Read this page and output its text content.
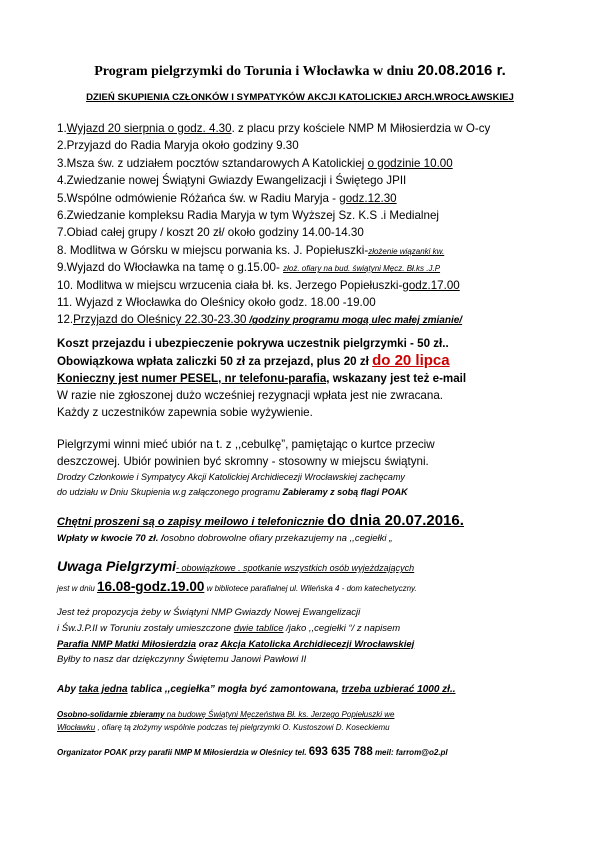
Program pielgrzymki do Torunia i Włocławka w dniu 20.08.2016 r.
DZIEŃ SKUPIENIA CZŁONKÓW I SYMPATYKÓW AKCJI KATOLICKIEJ ARCH.WROCŁAWSKIEJ
1.Wyjazd 20 sierpnia o godz. 4.30. z placu przy kościele NMP M Miłosierdzia w O-cy
2.Przyjazd do Radia Maryja około godziny 9.30
3.Msza św. z udziałem pocztów sztandarowych A Katolickiej o godzinie 10.00
4.Zwiedzanie nowej Świątyni Gwiazdy Ewangelizacji i Świętego JPII
5.Wspólne odmówienie Różańca św. w Radiu Maryja - godz.12.30
6.Zwiedzanie kompleksu Radia Maryja w tym Wyższej Sz. K.S .i Medialnej
7.Obiad całej grupy / koszt 20 zł/ około godziny 14.00-14.30
8. Modlitwa w Górsku w miejscu porwania ks. J. Popiełuszki-złożenie wiązanki kw.
9.Wyjazd do Włocławka na tamę o g.15.00- złoż. ofiary na bud. świątyni Męcz. Bł.ks .J.P
10. Modlitwa w miejscu wrzucenia ciała bł. ks. Jerzego Popiełuszki-godz.17.00
11. Wyjazd z Włocławka do Oleśnicy około godz. 18.00 -19.00
12.Przyjazd do Oleśnicy 22.30-23.30 /godziny programu mogą ulec małej zmianie/
Koszt przejazdu i ubezpieczenie pokrywa uczestnik pielgrzymki - 50 zł..
Obowiązkowa wpłata zaliczki 50 zł za przejazd, plus 20 zł do 20 lipca
Konieczny jest numer PESEL, nr telefonu-parafia, wskazany jest też e-mail
W razie nie zgłoszonej dużo wcześniej rezygnacji wpłata jest nie zwracana.
Każdy z uczestników zapewnia sobie wyżywienie.
Pielgrzymi winni mieć ubiór na t. z ,,cebulkę”, pamiętając o kurtce przeciw
deszczowej. Ubiór powinien być skromny - stosowny w miejscu świątyni.
Drodzy Członkowie i Sympatycy Akcji Katolickiej Archidiecezji Wrocławskiej zachęcamy
do udziału w Dniu Skupienia w.g załączonego programu Zabieramy z sobą flagi POAK
Chętni proszeni są o zapisy meilowo i telefonicznie do dnia 20.07.2016.
Wpłaty w kwocie 70 zł. /osobno dobrowolne ofiary przekazujemy na ,,cegiełki „
Uwaga Pielgrzymi- obowiązkowe . spotkanie wszystkich osób wyjeżdzających
jest w dniu 16.08-godz.19.00 w bibliotece parafialnej ul. Wileńska 4 - dom katechetyczny.
Jest też propozycja żeby w Świątyni NMP Gwiazdy Nowej Ewangelizacji
i Św.J.P.II w Toruniu zostały umieszczone dwie tablice /jako ,,cegiełki “/ z napisem
Parafia NMP Matki Miłosierdzia oraz Akcja Katolicka Archidiecezji Wrocławskiej
Byłby to nasz dar dziękczynny Świętemu Janowi Pawłowi II
Aby taka jedna tablica ,,cegiełka” mogła być zamontowana, trzeba uzbierać 1000 zł..
Osobno-solidarnie zbieramy na budowę Świątyni Męczeństwa Bł. ks. Jerzego Popiełuszki we
Włocławku , ofiarę tą złożymy wspólnie podczas tej pielgrzymki O. Kustoszowi D. Koseckiemu
Organizator POAK przy parafii NMP M Miłosierdzia w Oleśnicy tel. 693 635 788 meil: farrom@o2.pl
